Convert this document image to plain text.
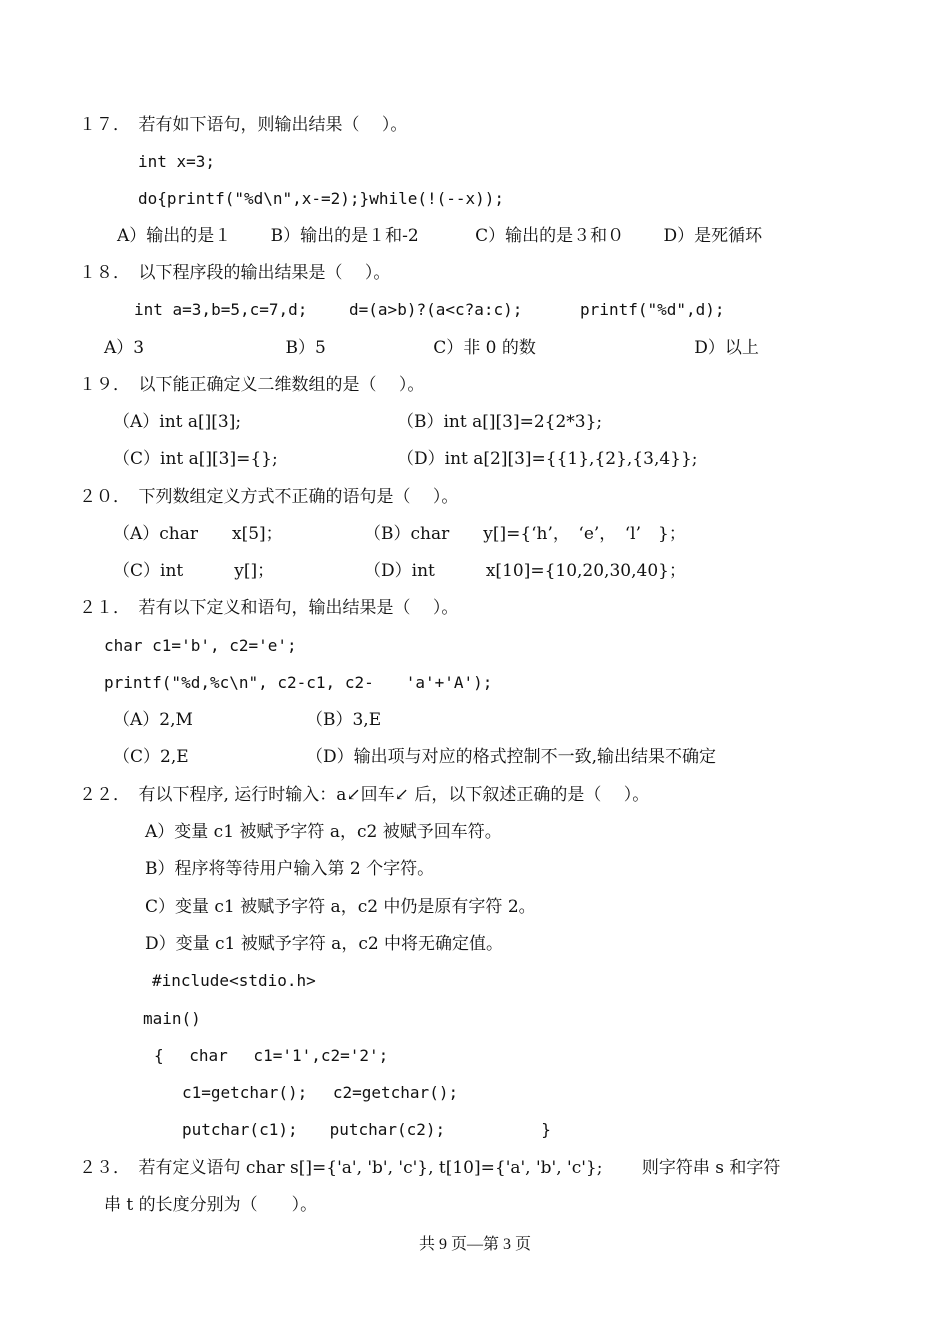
１７．　 若有如下语句，则输出结果（　 ）。
int x=3;
do{printf("%d\n",x-=2);}while(!(--x));
A）输出的是１　　 B）输出的是１和-2　　　 C）输出的是３和０　　 D）是死循环
１８．　 以下程序段的输出结果是（　 ）。
int a=3,b=5,c=7,d;　　 d=(a>b)?(a<c?a:c);　　　 printf("%d",d);
A）3　　　　　　　　 B）5　　　　　　 C）非 0 的数　　　　　　　　　 D）以上
１９．　 以下能正确定义二维数组的是（　 ）。
（A）int a[][3];	（B）int a[][3]=2{2*3};
（C）int a[][3]={};	（D）int a[2][3]={{1},{2},{3,4}};
２０．　 下列数组定义方式不正确的语句是（　 ）。
（A）char　　x[5]；	（B）char　　y[]={‘h’，　‘e’，　‘l’　}；
（C）int　　　y[]；	（D）int　　　x[10]={10,20,30,40}；
２１．　 若有以下定义和语句，输出结果是（　 ）。
char c1='b', c2='e';
printf("%d,%c\n", c2-c1, c2-　　'a'+'A');
（A）2,M	（B）3,E
（C）2,E	（D）输出项与对应的格式控制不一致,输出结果不确定
２２．　 有以下程序, 运行时输入：a↙回车↙ 后，以下叙述正确的是（　 ）。
A）变量 c1 被赋予字符 a，c2 被赋予回车符。
B）程序将等待用户输入第 2 个字符。
C）变量 c1 被赋予字符 a，c2 中仍是原有字符 2。
D）变量 c1 被赋予字符 a，c2 中将无确定值。
#include<stdio.h>
main()
{　 char　 c1='1',c2='2';
c1=getchar();　 c2=getchar();
putchar(c1);　　putchar(c2);　　　　　　}
２３．　 若有定义语句 char s[]={'a', 'b', 'c'}, t[10]={'a', 'b', 'c'};　　 则字符串 s 和字符
串 t 的长度分别为（　　）。
共 9 页—第 3 页
